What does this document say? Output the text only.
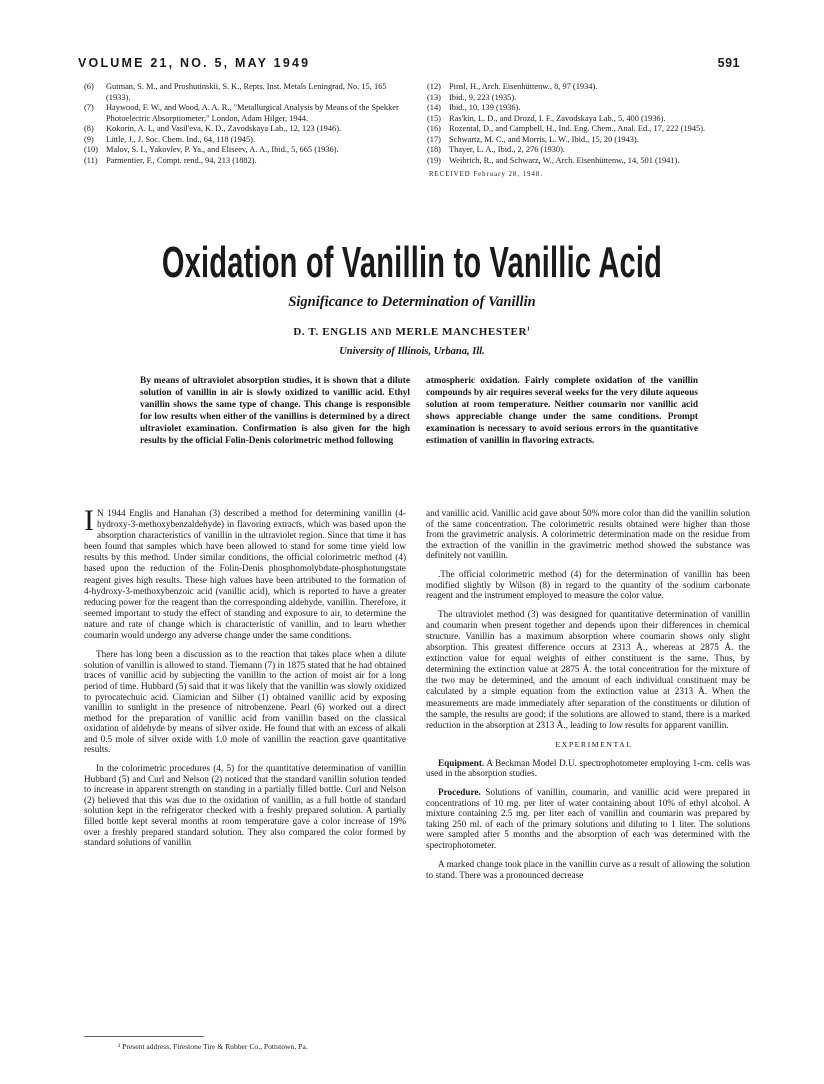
VOLUME 21, NO. 5, MAY 1949	591
(6)	Gutman, S. M., and Proshutinskii, S. K., Repts. Inst. Metals Leningrad, No. 15, 165 (1933).
(7)	Haywood, F. W., and Wood, A. A. R., "Metallurgical Analysis by Means of the Spekker Photoelectric Absorptiometer," London, Adam Hilger, 1944.
(8)	Kokorin, A. I., and Vasil'eva, K. D., Zavodskaya Lab., 12, 123 (1946).
(9)	Little, J., J. Soc. Chem. Ind., 64, 118 (1945).
(10) Malov, S. I., Yakovlev, P. Ya., and Eliseev, A. A., Ibid., 5, 665 (1936).
(11) Parmentier, F., Compt. rend., 94, 213 (1882).
(12) Pinsl, H., Arch. Eisenhüttenw., 8, 97 (1934).
(13) Ibid., 9, 223 (1935).
(14) Ibid., 10, 139 (1936).
(15) Ras'kin, L. D., and Drozd, I. F., Zavodskaya Lab., 5, 400 (1936).
(16) Rozental, D., and Campbell, H., Ind. Eng. Chem., Anal. Ed., 17, 222 (1945).
(17) Schwartz, M. C., and Morris, L. W., Ibid., 15, 20 (1943).
(18) Thayer, L. A., Ibid., 2, 276 (1930).
(19) Weihrich, R., and Schwarz, W., Arch. Eisenhüttenw., 14, 501 (1941).
RECEIVED February 28, 1948.
Oxidation of Vanillin to Vanillic Acid
Significance to Determination of Vanillin
D. T. ENGLIS AND MERLE MANCHESTER$^1$
University of Illinois, Urbana, Ill.
By means of ultraviolet absorption studies, it is shown that a dilute solution of vanillin in air is slowly oxidized to vanillic acid. Ethyl vanillin shows the same type of change. This change is responsible for low results when either of the vanillins is determined by a direct ultraviolet examination. Confirmation is also given for the high results by the official Folin-Denis colorimetric method following
atmospheric oxidation. Fairly complete oxidation of the vanillin compounds by air requires several weeks for the very dilute aqueous solution at room temperature. Neither coumarin nor vanillic acid shows appreciable change under the same conditions. Prompt examination is necessary to avoid serious errors in the quantitative estimation of vanillin in flavoring extracts.

I N 1944 Englis and Hanahan (3) described a method for determining vanillin (4-hydroxy-3-methoxybenzaldehyde) in flavoring extracts, which was based upon the absorption characteristics of vanillin in the ultraviolet region. Since that time it has been found that samples which have been allowed to stand for some time yield low results by this method. Under similar conditions, the official colorimetric method (4) based upon the reduction of the Folin-Denis phosphomolybdate-phosphotungstate reagent gives high results. These high values have been attributed to the formation of 4-hydroxy-3-methoxybenzoic acid (vanillic acid), which is reported to have a greater reducing power for the reagent than the corresponding aldehyde, vanillin. Therefore, it seemed important to study the effect of standing and exposure to air, to determine the nature and rate of change which is characteristic of vanillin, and to learn whether coumarin would undergo any adverse change under the same conditions.

There has long been a discussion as to the reaction that takes place when a dilute solution of vanillin is allowed to stand. Tiemann (7) in 1875 stated that he had obtained traces of vanillic acid by subjecting the vanillin to the action of moist air for a long period of time. Hubbard (5) said that it was likely that the vanillin was slowly oxidized to pyrocatechuic acid. Ciamician and Silber (1) obtained vanillic acid by exposing vanillin to sunlight in the presence of nitrobenzene. Pearl (6) worked out a direct method for the preparation of vanillic acid from vanillin based on the classical oxidation of aldehyde by means of silver oxide. He found that with an excess of alkali and 0.5 mole of silver oxide with 1.0 mole of vanillin the reaction gave quantitative results.

In the colorimetric procedures (4, 5) for the quantitative determination of vanillin Hubbard (5) and Curl and Nelson (2) noticed that the standard vanillin solution tended to increase in apparent strength on standing in a partially filled bottle. Curl and Nelson (2) believed that this was due to the oxidation of vanillin, as a full bottle of standard solution kept in the refrigerator checked with a freshly prepared solution. A partially filled bottle kept several months at room temperature gave a color increase of 19% over a freshly prepared standard solution. They also compared the color formed by standard solutions of vanillin

and vanillic acid. Vanillic acid gave about 50% more color than did the vanillin solution of the same concentration. The colorimetric results obtained were higher than those from the gravimetric analysis. A colorimetric determination made on the residue from the extraction of the vanillin in the gravimetric method showed the substance was definitely not vanillin.

.The official colorimetric method (4) for the determination of vanillin has been modified slightly by Wilson (8) in regard to the quantity of the sodium carbonate reagent and the instrument employed to measure the color value.

The ultraviolet method (3) was designed for quantitative determination of vanillin and coumarin when present together and depends upon their differences in chemical structure. Vanillin has a maximum absorption where coumarin shows only slight absorption. This greatest difference occurs at 2313 Å., whereas at 2875 Å. the extinction value for equal weights of either constituent is the same. Thus, by determining the extinction value at 2875 Å. the total concentration for the mixture of the two may be determined, and the amount of each individual constituent may be calculated by a simple equation from the extinction value at 2313 Å. When the measurements are made immediately after separation of the constituents or dilution of the sample, the results are good; if the solutions are allowed to stand, there is a marked reduction in the absorption at 2313 Å., leading to low results for apparent vanillin.

EXPERIMENTAL

Equipment. A Beckman Model D.U. spectrophotometer employing 1-cm. cells was used in the absorption studies.

Procedure. Solutions of vanillin, coumarin, and vanillic acid were prepared in concentrations of 10 mg. per liter of water containing about 10% of ethyl alcohol. A mixture containing 2.5 mg. per liter each of vanillin and coumarin was prepared by taking 250 ml. of each of the primary solutions and diluting to 1 liter. The solutions were sampled after 5 months and the absorption of each was determined with the spectrophotometer.

A marked change took place in the vanillin curve as a result of allowing the solution to stand. There was a pronounced decrease

¹ Present address, Firestone Tire & Rubber Co., Pottstown, Pa.
